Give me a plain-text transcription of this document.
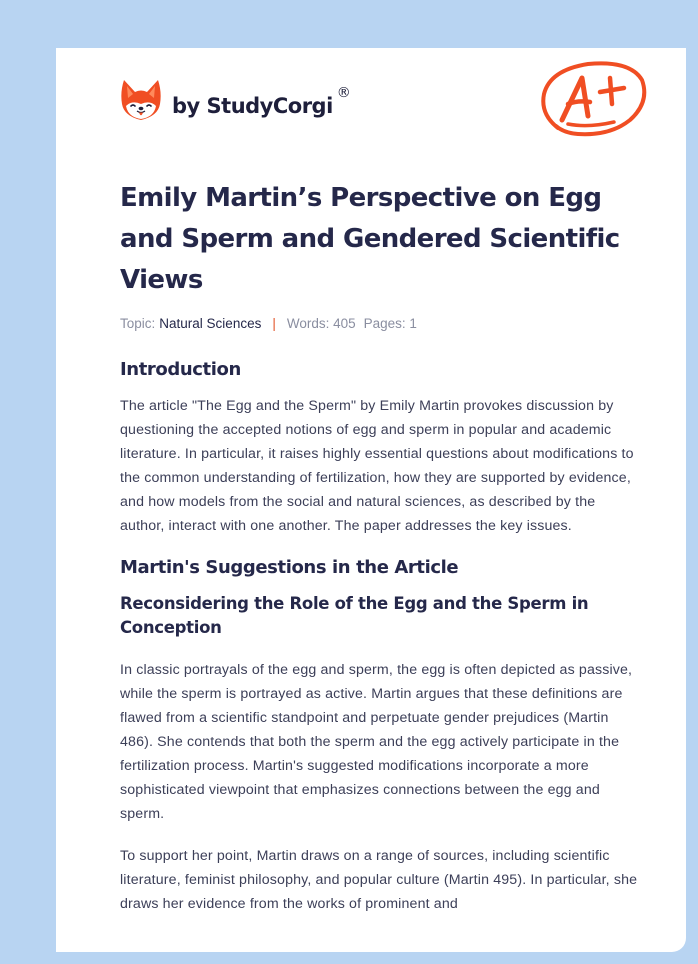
by StudyCorgi
®
Emily Martin’s Perspective on Egg and Sperm and Gendered Scientific Views
Topic: Natural Sciences | Words: 405 Pages: 1
Introduction

The article "The Egg and the Sperm" by Emily Martin provokes discussion by questioning the accepted notions of egg and sperm in popular and academic literature. In particular, it raises highly essential questions about modifications to the common understanding of fertilization, how they are supported by evidence, and how models from the social and natural sciences, as described by the author, interact with one another. The paper addresses the key issues.

Martin's Suggestions in the Article
Reconsidering the Role of the Egg and the Sperm in Conception

In classic portrayals of the egg and sperm, the egg is often depicted as passive, while the sperm is portrayed as active. Martin argues that these definitions are flawed from a scientific standpoint and perpetuate gender prejudices (Martin 486). She contends that both the sperm and the egg actively participate in the fertilization process. Martin's suggested modifications incorporate a more sophisticated viewpoint that emphasizes connections between the egg and sperm.

To support her point, Martin draws on a range of sources, including scientific literature, feminist philosophy, and popular culture (Martin 495). In particular, she draws her evidence from the works of prominent and
